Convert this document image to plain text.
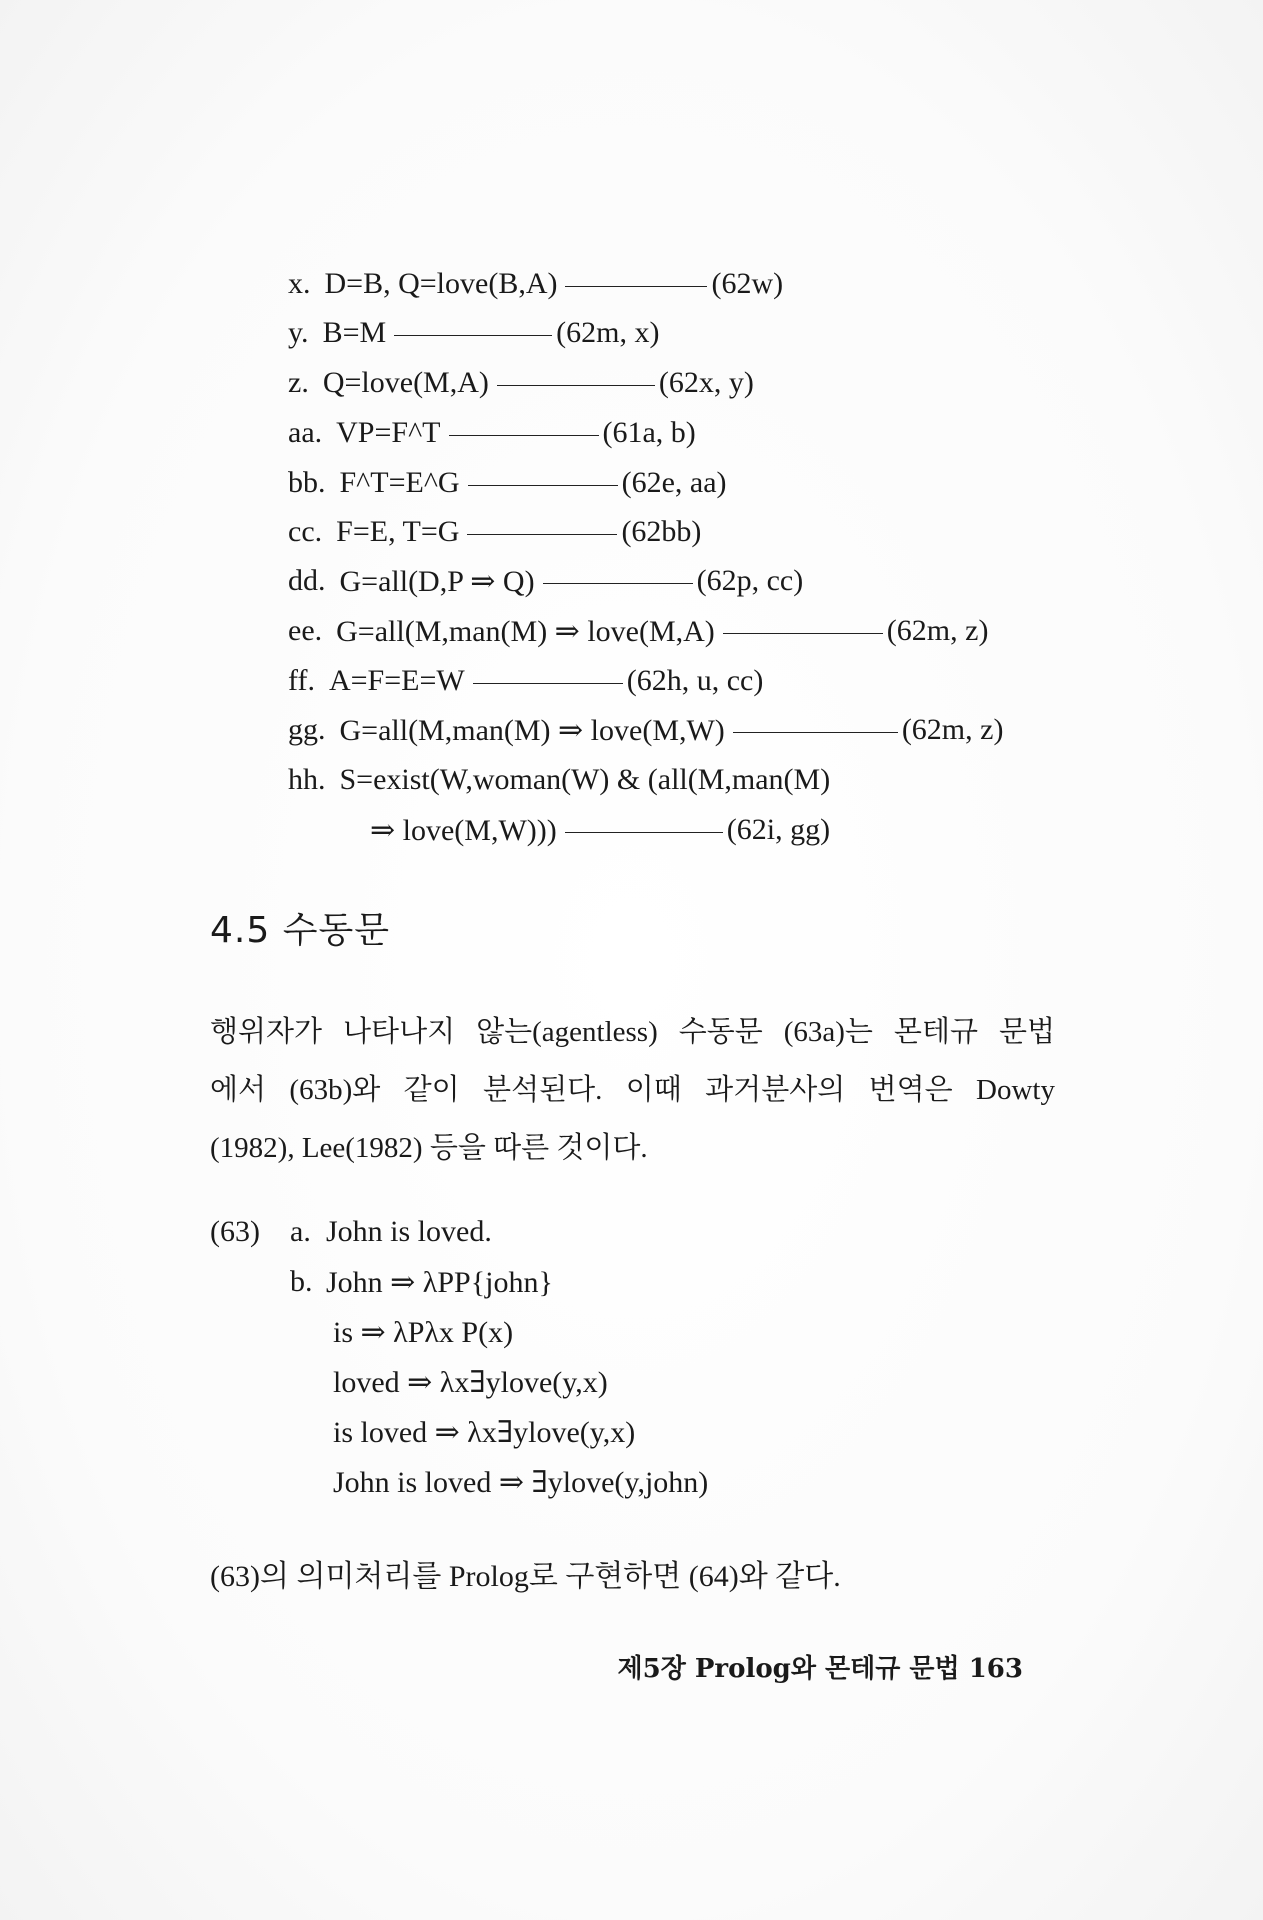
x. D=B, Q=love(B,A)	(62w)
y. B=M	(62m, x)
z. Q=love(M,A)	(62x, y)
aa. VP=F^T	(61a, b)
bb. F^T=E^G	(62e, aa)
cc. F=E, T=G	(62bb)
dd. G=all(D,P ⇒ Q)	(62p, cc)
ee. G=all(M,man(M) ⇒ love(M,A)	(62m, z)
ff. A=F=E=W	(62h, u, cc)
gg. G=all(M,man(M) ⇒ love(M,W)	(62m, z)
hh. S=exist(W,woman(W) & (all(M,man(M)
⇒ love(M,W)))	(62i, gg)
4.5 수동문
행위자가 나타나지 않는(agentless) 수동문 (63a)는 몬테규 문법
에서 (63b)와 같이 분석된다. 이때 과거분사의 번역은 Dowty
(1982), Lee(1982) 등을 따른 것이다.
(63) a. John is loved.
b. John ⇒ λPP{john}
is ⇒ λPλx P(x)
loved ⇒ λx∃ylove(y,x)
is loved ⇒ λx∃ylove(y,x)
John is loved ⇒ ∃ylove(y,john)
(63)의 의미처리를 Prolog로 구현하면 (64)와 같다.
제5장 Prolog와 몬테규 문법 163
